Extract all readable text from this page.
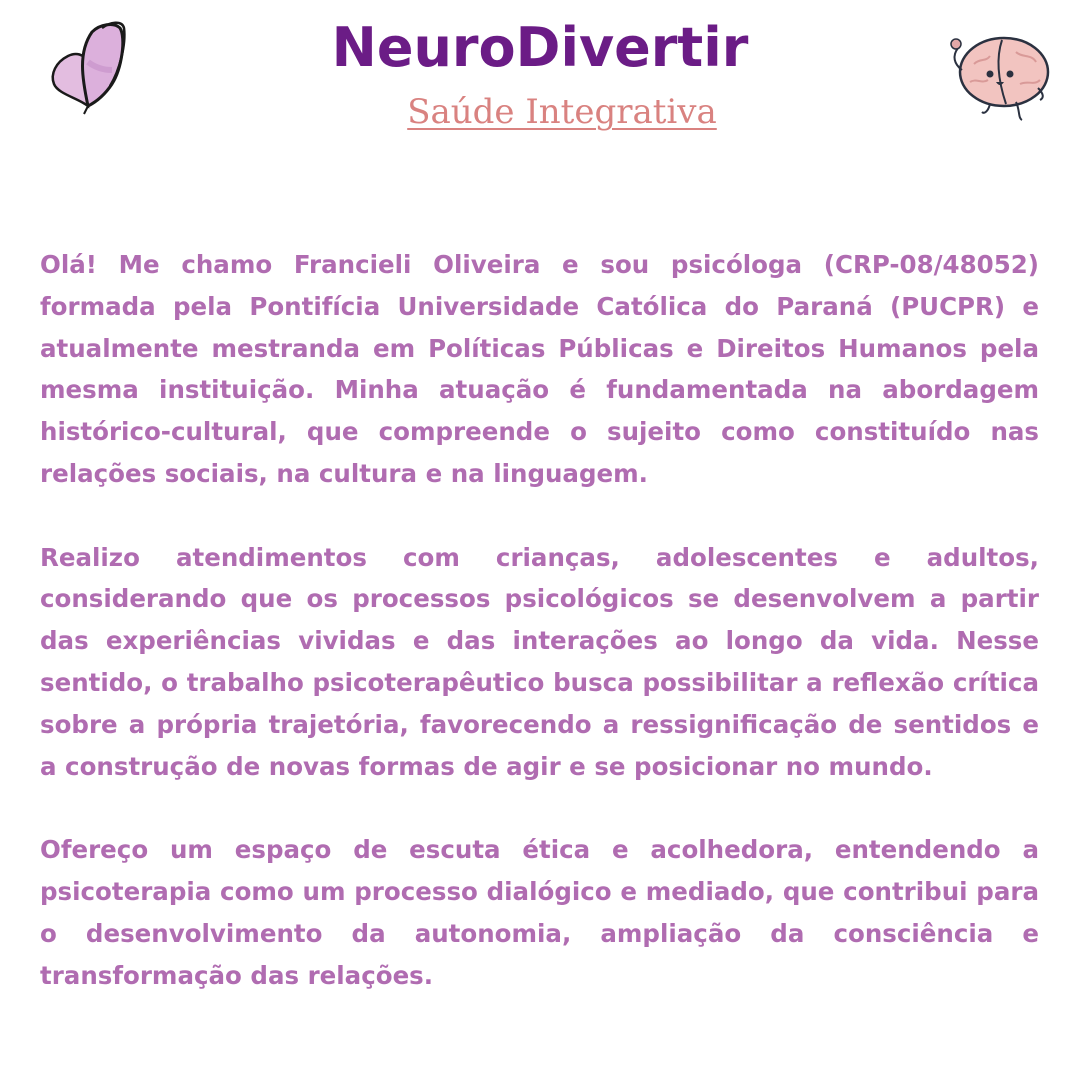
NeuroDivertir
Saúde Integrativa

Olá! Me chamo Francieli Oliveira e sou psicóloga (CRP-08/48052) formada pela Pontifícia Universidade Católica do Paraná (PUCPR) e atualmente mestranda em Políticas Públicas e Direitos Humanos pela mesma instituição. Minha atuação é fundamentada na abordagem histórico-cultural, que compreende o sujeito como constituído nas relações sociais, na cultura e na linguagem.

Realizo atendimentos com crianças, adolescentes e adultos, considerando que os processos psicológicos se desenvolvem a partir das experiências vividas e das interações ao longo da vida. Nesse sentido, o trabalho psicoterapêutico busca possibilitar a reflexão crítica sobre a própria trajetória, favorecendo a ressignificação de sentidos e a construção de novas formas de agir e se posicionar no mundo.

Ofereço um espaço de escuta ética e acolhedora, entendendo a psicoterapia como um processo dialógico e mediado, que contribui para o desenvolvimento da autonomia, ampliação da consciência e transformação das relações.
